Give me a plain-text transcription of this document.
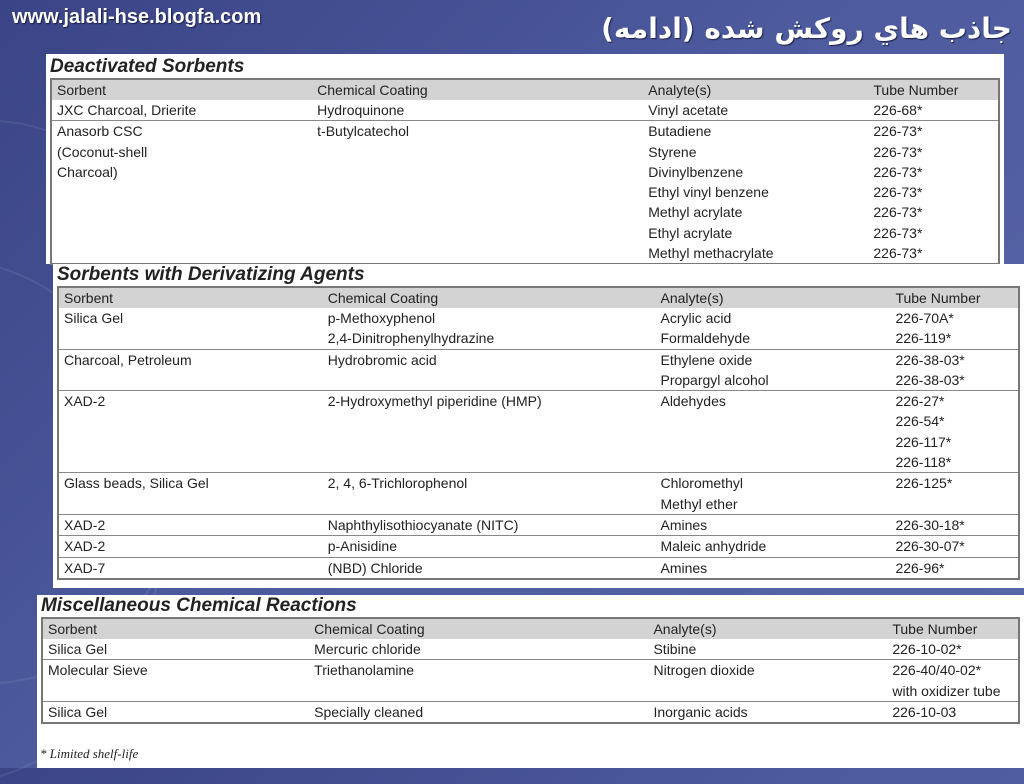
www.jalali-hse.blogfa.com	جاذب هاي روكش شده (ادامه)
Deactivated Sorbents
Sorbent	Chemical Coating	Analyte(s)	Tube Number
JXC Charcoal, Drierite	Hydroquinone	Vinyl acetate	226-68*
Anasorb CSC	t-Butylcatechol	Butadiene	226-73*
(Coconut-shell		Styrene	226-73*
Charcoal)		Divinylbenzene	226-73*
		Ethyl vinyl benzene	226-73*
		Methyl acrylate	226-73*
		Ethyl acrylate	226-73*
		Methyl methacrylate	226-73*
Sorbents with Derivatizing Agents
Sorbent	Chemical Coating	Analyte(s)	Tube Number
Silica Gel	p-Methoxyphenol	Acrylic acid	226-70A*
	2,4-Dinitrophenylhydrazine	Formaldehyde	226-119*
Charcoal, Petroleum	Hydrobromic acid	Ethylene oxide	226-38-03*
		Propargyl alcohol	226-38-03*
XAD-2	2-Hydroxymethyl piperidine (HMP)	Aldehydes	226-27*
			226-54*
			226-117*
			226-118*
Glass beads, Silica Gel	2, 4, 6-Trichlorophenol	Chloromethyl	226-125*
		Methyl ether	
XAD-2	Naphthylisothiocyanate (NITC)	Amines	226-30-18*
XAD-2	p-Anisidine	Maleic anhydride	226-30-07*
XAD-7	(NBD) Chloride	Amines	226-96*
Miscellaneous Chemical Reactions
Sorbent	Chemical Coating	Analyte(s)	Tube Number
Silica Gel	Mercuric chloride	Stibine	226-10-02*
Molecular Sieve	Triethanolamine	Nitrogen dioxide	226-40/40-02*
			with oxidizer tube
Silica Gel	Specially cleaned	Inorganic acids	226-10-03
* Limited shelf-life
